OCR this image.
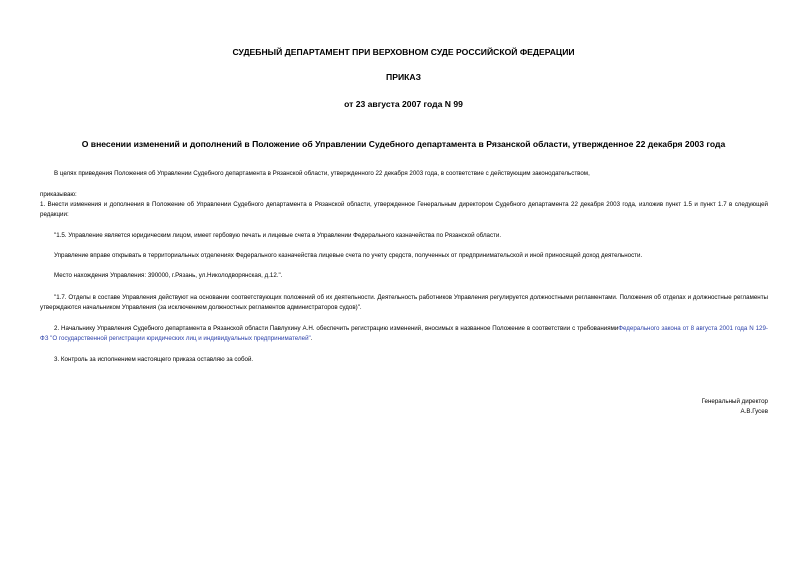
СУДЕБНЫЙ ДЕПАРТАМЕНТ ПРИ ВЕРХОВНОМ СУДЕ РОССИЙСКОЙ ФЕДЕРАЦИИ
ПРИКАЗ
от 23 августа 2007 года N 99
О внесении изменений и дополнений в Положение об Управлении Судебного департамента в Рязанской области, утвержденное 22 декабря 2003 года
В целях приведения Положения об Управлении Судебного департамента в Рязанской области, утвержденного 22 декабря 2003 года, в соответствие с действующим законодательством,
приказываю:
1. Внести изменения и дополнения в Положение об Управлении Судебного департамента в Рязанской области, утвержденное Генеральным директором Судебного департамента 22 декабря 2003 года, изложив пункт 1.5 и пункт 1.7 в следующей редакции:
"1.5. Управление является юридическим лицом, имеет гербовую печать и лицевые счета в Управлении Федерального казначейства по Рязанской области.
Управление вправе открывать в территориальных отделениях Федерального казначейства лицевые счета по учету средств, полученных от предпринимательской и иной приносящей доход деятельности.
Место нахождения Управления: 390000, г.Рязань, ул.Николодворянская, д.12.".
"1.7. Отделы в составе Управления действуют на основании соответствующих положений об их деятельности. Деятельность работников Управления регулируется должностными регламентами. Положения об отделах и должностные регламенты утверждаются начальником Управления (за исключением должностных регламентов администраторов судов)".
2. Начальнику Управления Судебного департамента в Рязанской области Павлухину А.Н. обеспечить регистрацию изменений, вносимых в названное Положение в соответствии с требованиямиФедерального закона от 8 августа 2001 года N 129-ФЗ "О государственной регистрации юридических лиц и индивидуальных предпринимателей".
3. Контроль за исполнением настоящего приказа оставляю за собой.
Генеральный директор
А.В.Гусев
